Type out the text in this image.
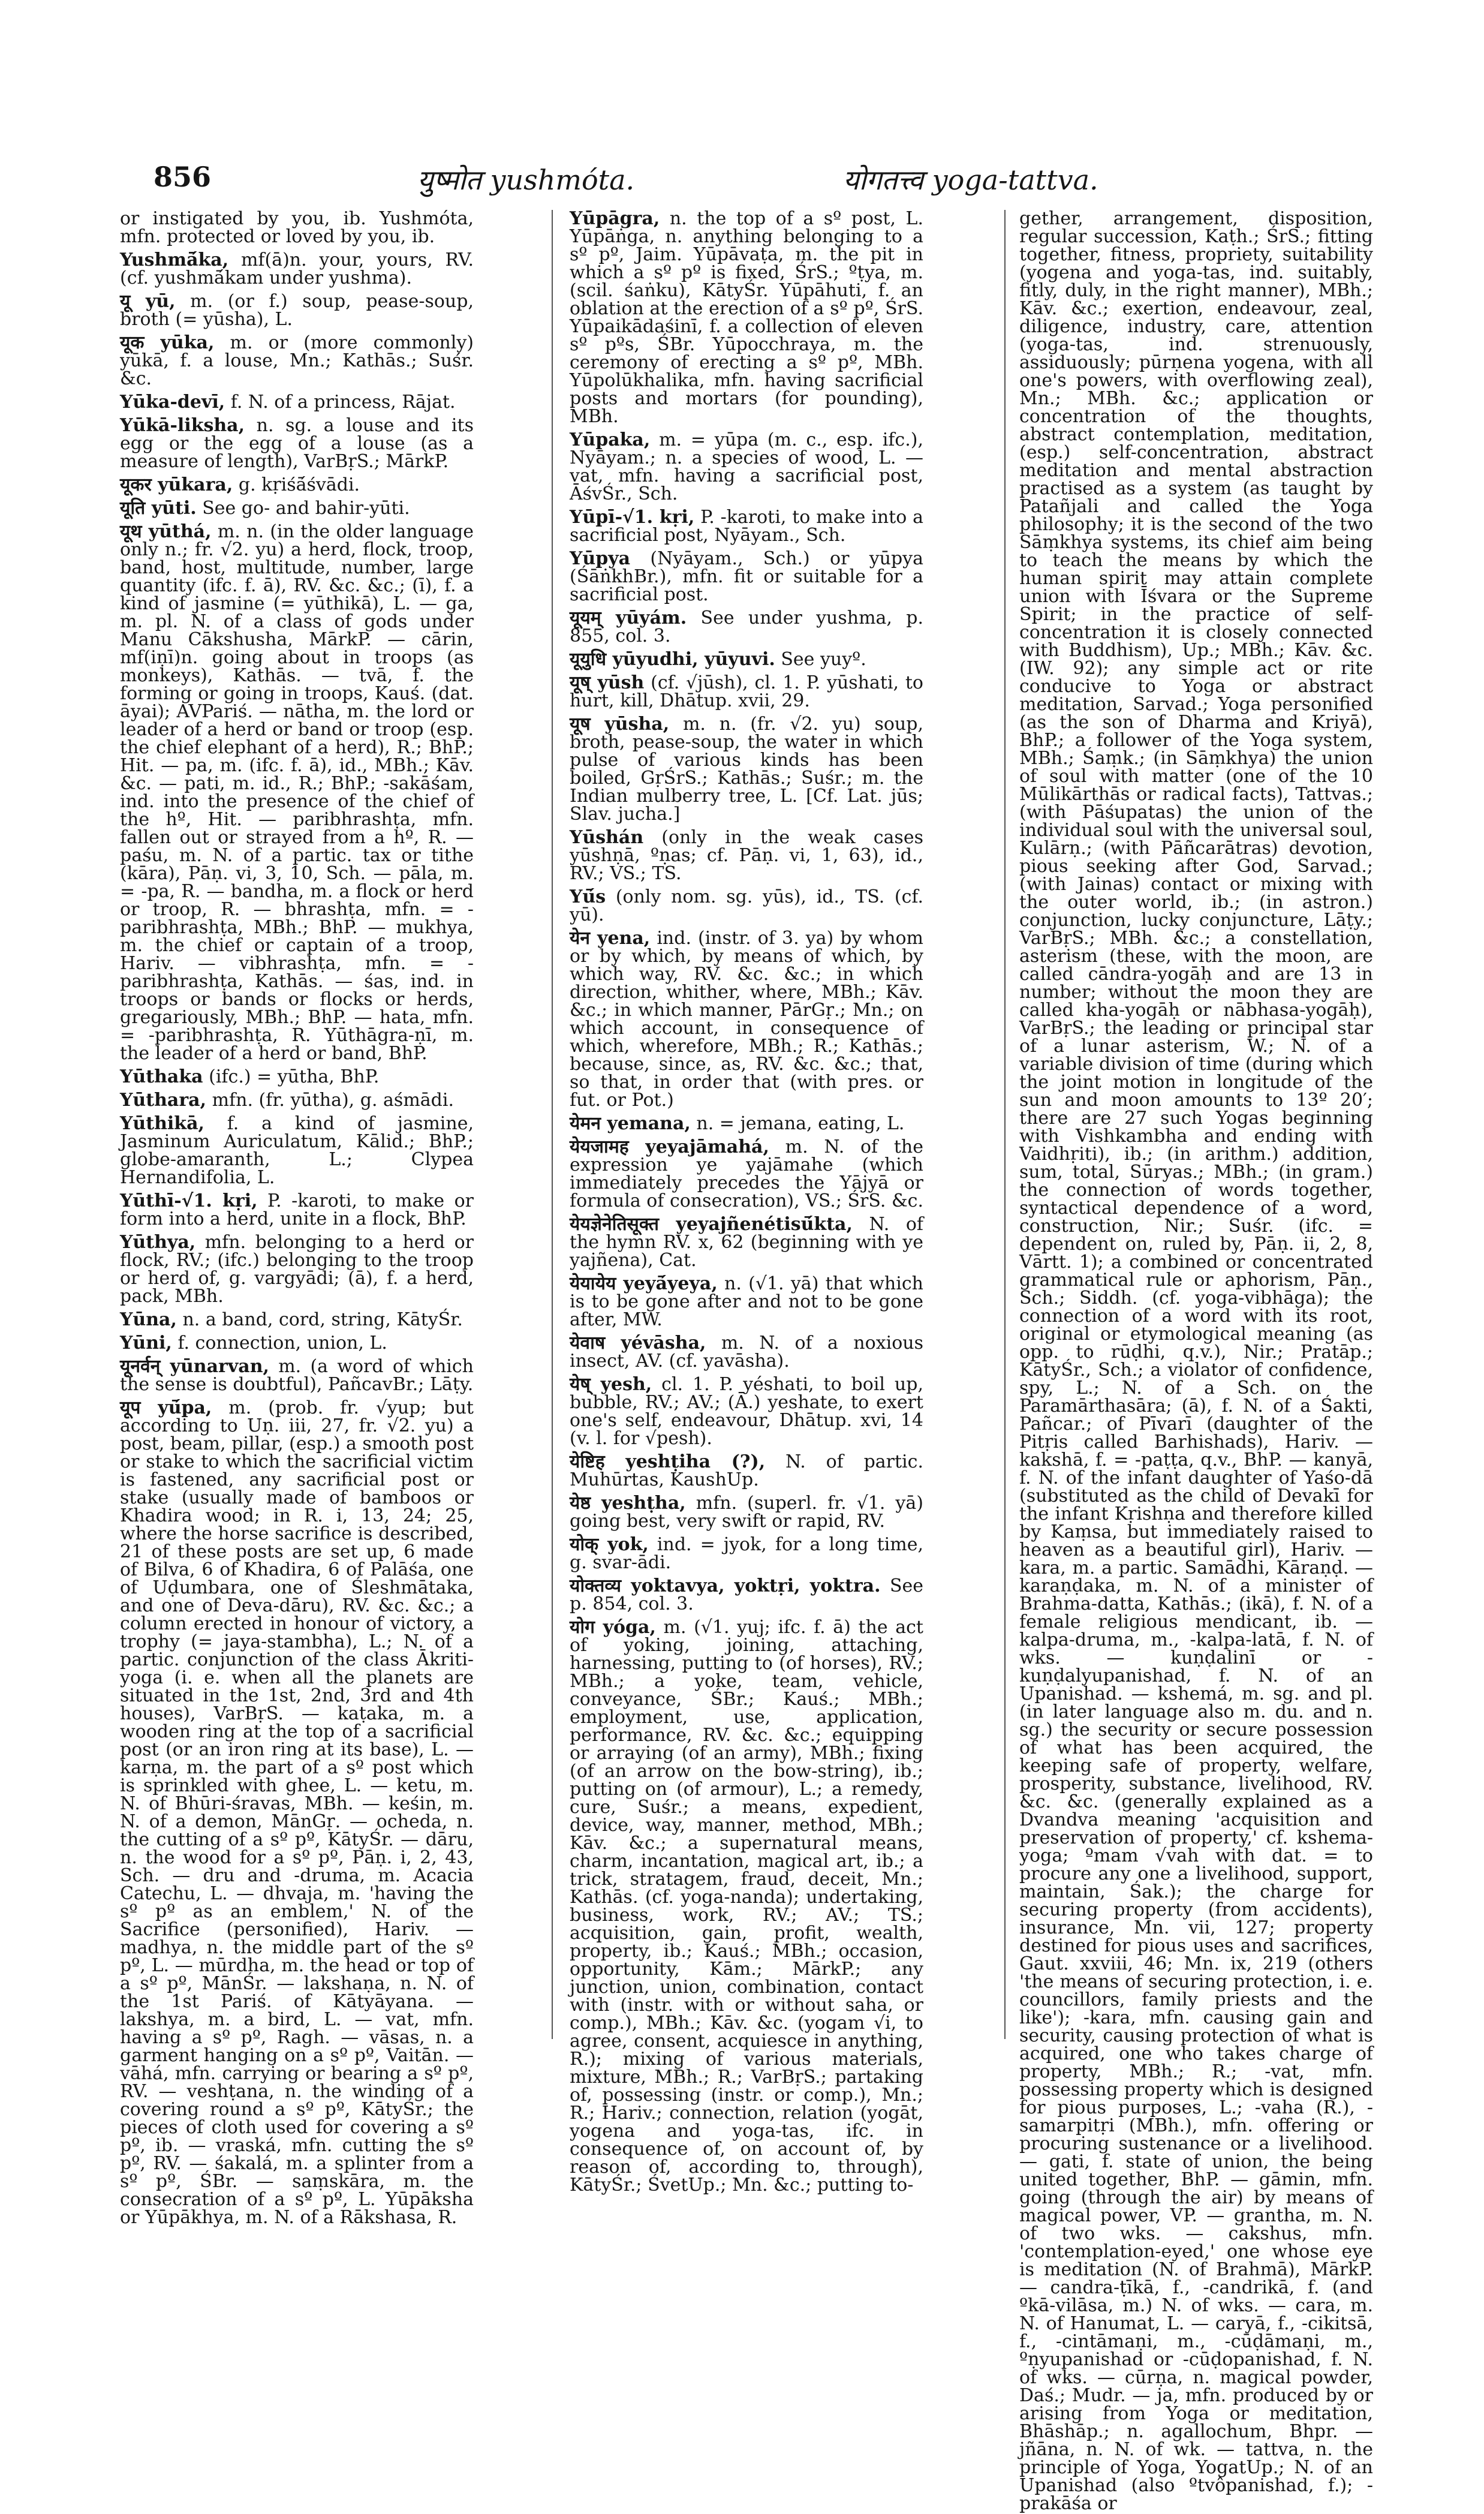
856	युष्मोत yushmóta.	योगतत्त्व yoga-tattva.

or instigated by you, ib. Yushmóta, mfn. protected or loved by you, ib.

Yushmā́ka, mf(ā)n. your, yours, RV. (cf. yushmā́kam under yushma).

यू yū, m. (or f.) soup, pease-soup, broth (= yūsha), L.

यूक yūka, m. or (more commonly) yūkā, f. a louse, Mn.; Kathās.; Suśr. &c.

Yūka-devī, f. N. of a princess, Rājat.

Yūkā-liksha, n. sg. a louse and its egg or the egg of a louse (as a measure of length), VarBṛS.; MārkP.

यूकर yūkara, g. kṛiśā́śvādi.

यूति yūti. See go- and bahir-yūti.

यूथ yūthá, m. n. (in the older language only n.; fr. √2. yu) a herd, flock, troop, band, host, multitude, number, large quantity (ifc. f. ā), RV. &c. &c.; (ī), f. a kind of jasmine (= yūthikā), L. — ga, m. pl. N. of a class of gods under Manu Cākshusha, MārkP. — cārin, mf(iṇī)n. going about in troops (as monkeys), Kathās. — tvā, f. the forming or going in troops, Kauś. (dat. āyai); AVPariś. — nātha, m. the lord or leader of a herd or band or troop (esp. the chief elephant of a herd), R.; BhP.; Hit. — pa, m. (ifc. f. ā), id., MBh.; Kāv. &c. — pati, m. id., R.; BhP.; -sakāśam, ind. into the presence of the chief of the hº, Hit. — paribhrashṭa, mfn. fallen out or strayed from a hº, R. — paśu, m. N. of a partic. tax or tithe (kāra), Pāṇ. vi, 3, 10, Sch. — pāla, m. = -pa, R. — bandha, m. a flock or herd or troop, R. — bhrashṭa, mfn. = -paribhrashṭa, MBh.; BhP. — mukhya, m. the chief or captain of a troop, Hariv. — vibhrashṭa, mfn. = -paribhrashṭa, Kathās. — śas, ind. in troops or bands or flocks or herds, gregariously, MBh.; BhP. — hata, mfn. = -paribhrashṭa, R. Yūthāgra-ṇī, m. the leader of a herd or band, BhP.

Yūthaka (ifc.) = yūtha, BhP.

Yūthara, mfn. (fr. yūtha), g. aśmādi.

Yūthikā, f. a kind of jasmine, Jasminum Auriculatum, Kālid.; BhP.; globe-amaranth, L.; Clypea Hernandifolia, L.

Yūthī-√1. kṛi, P. -karoti, to make or form into a herd, unite in a flock, BhP.

Yūthya, mfn. belonging to a herd or flock, RV.; (ifc.) belonging to the troop or herd of, g. vargyādi; (ā), f. a herd, pack, MBh.

Yūna, n. a band, cord, string, KātyŚr.

Yūni, f. connection, union, L.

यूनर्वन् yūnarvan, m. (a word of which the sense is doubtful), PañcavBr.; Lāṭy.

यूप yū́pa, m. (prob. fr. √yup; but according to Uṇ. iii, 27, fr. √2. yu) a post, beam, pillar, (esp.) a smooth post or stake to which the sacrificial victim is fastened, any sacrificial post or stake (usually made of bamboos or Khadira wood; in R. i, 13, 24; 25, where the horse sacrifice is described, 21 of these posts are set up, 6 made of Bilva, 6 of Khadira, 6 of Palāśa, one of Uḍumbara, one of Śleshmātaka, and one of Deva-dāru), RV. &c. &c.; a column erected in honour of victory, a trophy (= jaya-stambha), L.; N. of a partic. conjunction of the class Ākriti-yoga (i. e. when all the planets are situated in the 1st, 2nd, 3rd and 4th houses), VarBṛS. — kaṭaka, m. a wooden ring at the top of a sacrificial post (or an iron ring at its base), L. — karṇa, m. the part of a sº post which is sprinkled with ghee, L. — ketu, m. N. of Bhūri-śravas, MBh. — keśin, m. N. of a demon, MānGṛ. — ocheda, n. the cutting of a sº pº, KātyŚr. — dāru, n. the wood for a sº pº, Pāṇ. i, 2, 43, Sch. — dru and -druma, m. Acacia Catechu, L. — dhvaja, m. 'having the sº pº as an emblem,' N. of the Sacrifice (personified), Hariv. — madhya, n. the middle part of the sº pº, L. — mūrdha, m. the head or top of a sº pº, MānŚr. — lakshaṇa, n. N. of the 1st Pariś. of Kātyāyana. — lakshya, m. a bird, L. — vat, mfn. having a sº pº, Ragh. — vāsas, n. a garment hanging on a sº pº, Vaitān. — vāhá, mfn. carrying or bearing a sº pº, RV. — veshṭana, n. the winding of a covering round a sº pº, KātyŚr.; the pieces of cloth used for covering a sº pº, ib. — vraská, mfn. cutting the sº pº, RV. — śakalá, m. a splinter from a sº pº, ŚBr. — saṃskāra, m. the consecration of a sº pº, L. Yūpāksha or Yūpākhya, m. N. of a Rākshasa, R.

Yūpāgra, n. the top of a sº post, L. Yūpāṅga, n. anything belonging to a sº pº, Jaim. Yūpāvaṭa, m. the pit in which a sº pº is fixed, ŚrS.; ºṭya, m. (scil. śaṅku), KātyŚr. Yūpāhuti, f. an oblation at the erection of a sº pº, ŚrS. Yūpaikādaśinī, f. a collection of eleven sº pºs, ŚBr. Yūpocchraya, m. the ceremony of erecting a sº pº, MBh. Yūpolūkhalika, mfn. having sacrificial posts and mortars (for pounding), MBh.

Yūpaka, m. = yūpa (m. c., esp. ifc.), Nyāyam.; n. a species of wood, L. — vat, mfn. having a sacrificial post, ĀśvŚr., Sch.

Yūpī-√1. kṛi, P. -karoti, to make into a sacrificial post, Nyāyam., Sch.

Yūpya (Nyāyam., Sch.) or yūpya (ŚāṅkhBr.), mfn. fit or suitable for a sacrificial post.

यूयम् yūyám. See under yushma, p. 855, col. 3.

यूयुधि yūyudhi, yūyuvi. See yuyº.

यूष् yūsh (cf. √jūsh), cl. 1. P. yūshati, to hurt, kill, Dhātup. xvii, 29.

यूष yūsha, m. n. (fr. √2. yu) soup, broth, pease-soup, the water in which pulse of various kinds has been boiled, GṛŚrS.; Kathās.; Suśr.; m. the Indian mulberry tree, L. [Cf. Lat. jūs; Slav. jucha.]

Yūshán (only in the weak cases yūshṇā, ºṇas; cf. Pāṇ. vi, 1, 63), id., RV.; VS.; TS.

Yū́s (only nom. sg. yūs), id., TS. (cf. yū).

येन yena, ind. (instr. of 3. ya) by whom or by which, by means of which, by which way, RV. &c. &c.; in which direction, whither, where, MBh.; Kāv. &c.; in which manner, PārGṛ.; Mn.; on which account, in consequence of which, wherefore, MBh.; R.; Kathās.; because, since, as, RV. &c. &c.; that, so that, in order that (with pres. or fut. or Pot.)

येमन yemana, n. = jemana, eating, L.

येयजामह yeyajāmahá, m. N. of the expression ye yajāmahe (which immediately precedes the Yājyā or formula of consecration), VS.; ŚrS. &c.

येयज्ञेनेतिसूक्त yeyajñenétisū́kta, N. of the hymn RV. x, 62 (beginning with ye yajñena), Cat.

येयायेय yeyā́yeya, n. (√1. yā) that which is to be gone after and not to be gone after, MW.

येवाष yévāsha, m. N. of a noxious insect, AV. (cf. yavāsha).

येष् yesh, cl. 1. P. yéshati, to boil up, bubble, RV.; AV.; (Ā.) yeshate, to exert one's self, endeavour, Dhātup. xvi, 14 (v. l. for √pesh).

येष्टिह yeshṭiha (?), N. of partic. Muhūrtas, KaushUp.

येष्ठ yeshṭha, mfn. (superl. fr. √1. yā) going best, very swift or rapid, RV.

योक् yok, ind. = jyok, for a long time, g. svar-ādi.

योक्तव्य yoktavya, yoktṛi, yoktra. See p. 854, col. 3.

योग yóga, m. (√1. yuj; ifc. f. ā) the act of yoking, joining, attaching, harnessing, putting to (of horses), RV.; MBh.; a yoke, team, vehicle, conveyance, ŚBr.; Kauś.; MBh.; employment, use, application, performance, RV. &c. &c.; equipping or arraying (of an army), MBh.; fixing (of an arrow on the bow-string), ib.; putting on (of armour), L.; a remedy, cure, Suśr.; a means, expedient, device, way, manner, method, MBh.; Kāv. &c.; a supernatural means, charm, incantation, magical art, ib.; a trick, stratagem, fraud, deceit, Mn.; Kathās. (cf. yoga-nanda); undertaking, business, work, RV.; AV.; TS.; acquisition, gain, profit, wealth, property, ib.; Kauś.; MBh.; occasion, opportunity, Kām.; MārkP.; any junction, union, combination, contact with (instr. with or without saha, or comp.), MBh.; Kāv. &c. (yogam √i, to agree, consent, acquiesce in anything, R.); mixing of various materials, mixture, MBh.; R.; VarBṛS.; partaking of, possessing (instr. or comp.), Mn.; R.; Hariv.; connection, relation (yogāt, yogena and yoga-tas, ifc. in consequence of, on account of, by reason of, according to, through), KātyŚr.; ŚvetUp.; Mn. &c.; putting to-

gether, arrangement, disposition, regular succession, Kaṭh.; ŚrS.; fitting together, fitness, propriety, suitability (yogena and yoga-tas, ind. suitably, fitly, duly, in the right manner), MBh.; Kāv. &c.; exertion, endeavour, zeal, diligence, industry, care, attention (yoga-tas, ind. strenuously, assiduously; pūrṇena yogena, with all one's powers, with overflowing zeal), Mn.; MBh. &c.; application or concentration of the thoughts, abstract contemplation, meditation, (esp.) self-concentration, abstract meditation and mental abstraction practised as a system (as taught by Patañjali and called the Yoga philosophy; it is the second of the two Sāṃkhya systems, its chief aim being to teach the means by which the human spirit may attain complete union with Īśvara or the Supreme Spirit; in the practice of self-concentration it is closely connected with Buddhism), Up.; MBh.; Kāv. &c. (IW. 92); any simple act or rite conducive to Yoga or abstract meditation, Sarvad.; Yoga personified (as the son of Dharma and Kriyā), BhP.; a follower of the Yoga system, MBh.; Śaṃk.; (in Sāṃkhya) the union of soul with matter (one of the 10 Mūlikārthās or radical facts), Tattvas.; (with Pāśupatas) the union of the individual soul with the universal soul, Kulārṇ.; (with Pāñcarātras) devotion, pious seeking after God, Sarvad.; (with Jainas) contact or mixing with the outer world, ib.; (in astron.) conjunction, lucky conjuncture, Lāṭy.; VarBṛS.; MBh. &c.; a constellation, asterism (these, with the moon, are called cāndra-yogāḥ and are 13 in number; without the moon they are called kha-yogāḥ or nābhasa-yogāḥ), VarBṛS.; the leading or principal star of a lunar asterism, W.; N. of a variable division of time (during which the joint motion in longitude of the sun and moon amounts to 13º 20′; there are 27 such Yogas beginning with Vishkambha and ending with Vaidhṛiti), ib.; (in arithm.) addition, sum, total, Sūryas.; MBh.; (in gram.) the connection of words together, syntactical dependence of a word, construction, Nir.; Suśr. (ifc. = dependent on, ruled by, Pāṇ. ii, 2, 8, Vārtt. 1); a combined or concentrated grammatical rule or aphorism, Pāṇ., Sch.; Siddh. (cf. yoga-vibhāga); the connection of a word with its root, original or etymological meaning (as opp. to rūḍhi, q.v.), Nir.; Pratāp.; KātyŚr., Sch.; a violator of confidence, spy, L.; N. of a Sch. on the Paramārthasāra; (ā), f. N. of a Śakti, Pañcar.; of Pīvarī (daughter of the Pitṛis called Barhishads), Hariv. — kakshā, f. = -paṭṭa, q.v., BhP. — kanyā, f. N. of the infant daughter of Yaśo-dā (substituted as the child of Devakī for the infant Kṛishṇa and therefore killed by Kaṃsa, but immediately raised to heaven as a beautiful girl), Hariv. — kara, m. a partic. Samādhi, Kāraṇḍ. — karaṇḍaka, m. N. of a minister of Brahma-datta, Kathās.; (ikā), f. N. of a female religious mendicant, ib. — kalpa-druma, m., -kalpa-latā, f. N. of wks. — kuṇḍalinī or -kuṇḍalyupanishad, f. N. of an Upanishad. — kshemá, m. sg. and pl. (in later language also m. du. and n. sg.) the security or secure possession of what has been acquired, the keeping safe of property, welfare, prosperity, substance, livelihood, RV. &c. &c. (generally explained as a Dvandva meaning 'acquisition and preservation of property,' cf. kshema-yoga; ºmam √vah with dat. = to procure any one a livelihood, support, maintain, Śak.); the charge for securing property (from accidents), insurance, Mn. vii, 127; property destined for pious uses and sacrifices, Gaut. xxviii, 46; Mn. ix, 219 (others 'the means of securing protection, i. e. councillors, family priests and the like'); -kara, mfn. causing gain and security, causing protection of what is acquired, one who takes charge of property, MBh.; R.; -vat, mfn. possessing property which is designed for pious purposes, L.; -vaha (R.), -samarpitṛi (MBh.), mfn. offering or procuring sustenance or a livelihood. — gati, f. state of union, the being united together, BhP. — gāmin, mfn. going (through the air) by means of magical power, VP. — grantha, m. N. of two wks. — cakshus, mfn. 'contemplation-eyed,' one whose eye is meditation (N. of Brahmā), MārkP. — candra-ṭīkā, f., -candrikā, f. (and ºkā-vilāsa, m.) N. of wks. — cara, m. N. of Hanumat, L. — caryā, f., -cikitsā, f., -cintāmaṇi, m., -cūḍāmaṇi, m., ºṇyupanishad or -cūḍopanishad, f. N. of wks. — cūrṇa, n. magical powder, Daś.; Mudr. — ja, mfn. produced by or arising from Yoga or meditation, Bhāshāp.; n. agallochum, Bhpr. — jñāna, n. N. of wk. — tattva, n. the principle of Yoga, YogatUp.; N. of an Upanishad (also ºtvôpanishad, f.); -prakāśa or
